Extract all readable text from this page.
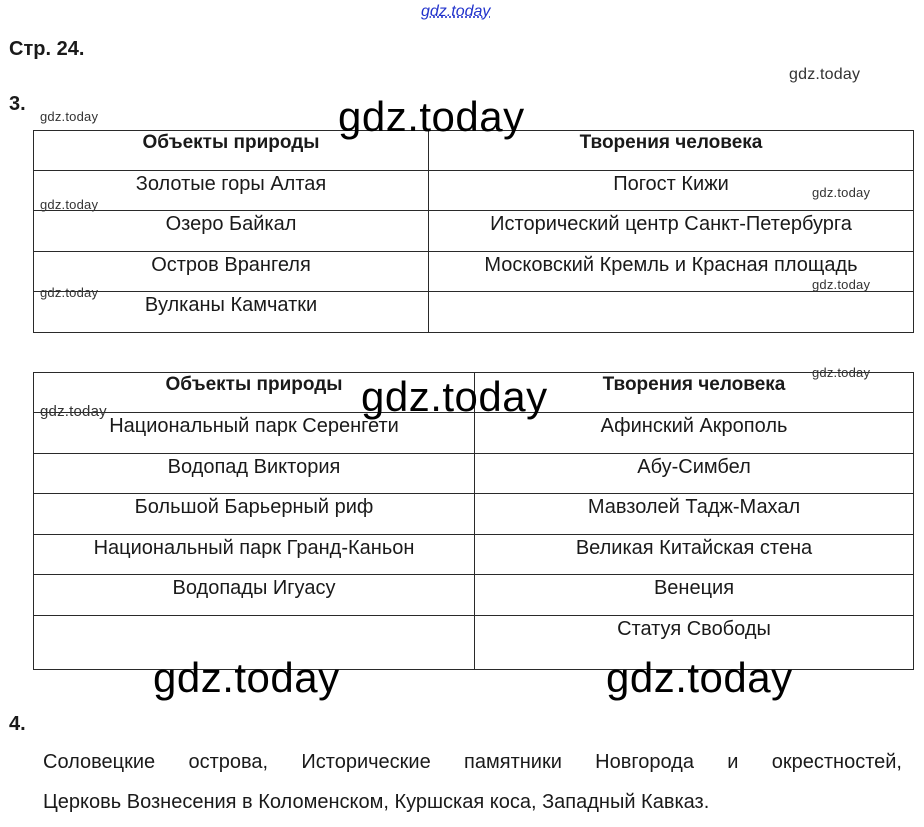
gdz.today
Стр. 24.
gdz.today
3.
Объекты природы	Творения человека
Золотые горы Алтая	Погост Кижи
Озеро Байкал	Исторический центр Санкт-Петербурга
Остров Врангеля	Московский Кремль и Красная площадь
Вулканы Камчатки	
Объекты природы	Творения человека
Национальный парк Серенгети	Афинский Акрополь
Водопад Виктория	Абу-Симбел
Большой Барьерный риф	Мавзолей Тадж-Махал
Национальный парк Гранд-Каньон	Великая Китайская стена
Водопады Игуасу	Венеция
	Статуя Свободы
gdz.today
gdz.today
gdz.today
gdz.today
gdz.today
gdz.today
gdz.today
gdz.today
gdz.today
gdz.today	gdz.today
4.
Соловецкие острова, Исторические памятники Новгорода и окрестностей,
Церковь Вознесения в Коломенском, Куршская коса, Западный Кавказ.
